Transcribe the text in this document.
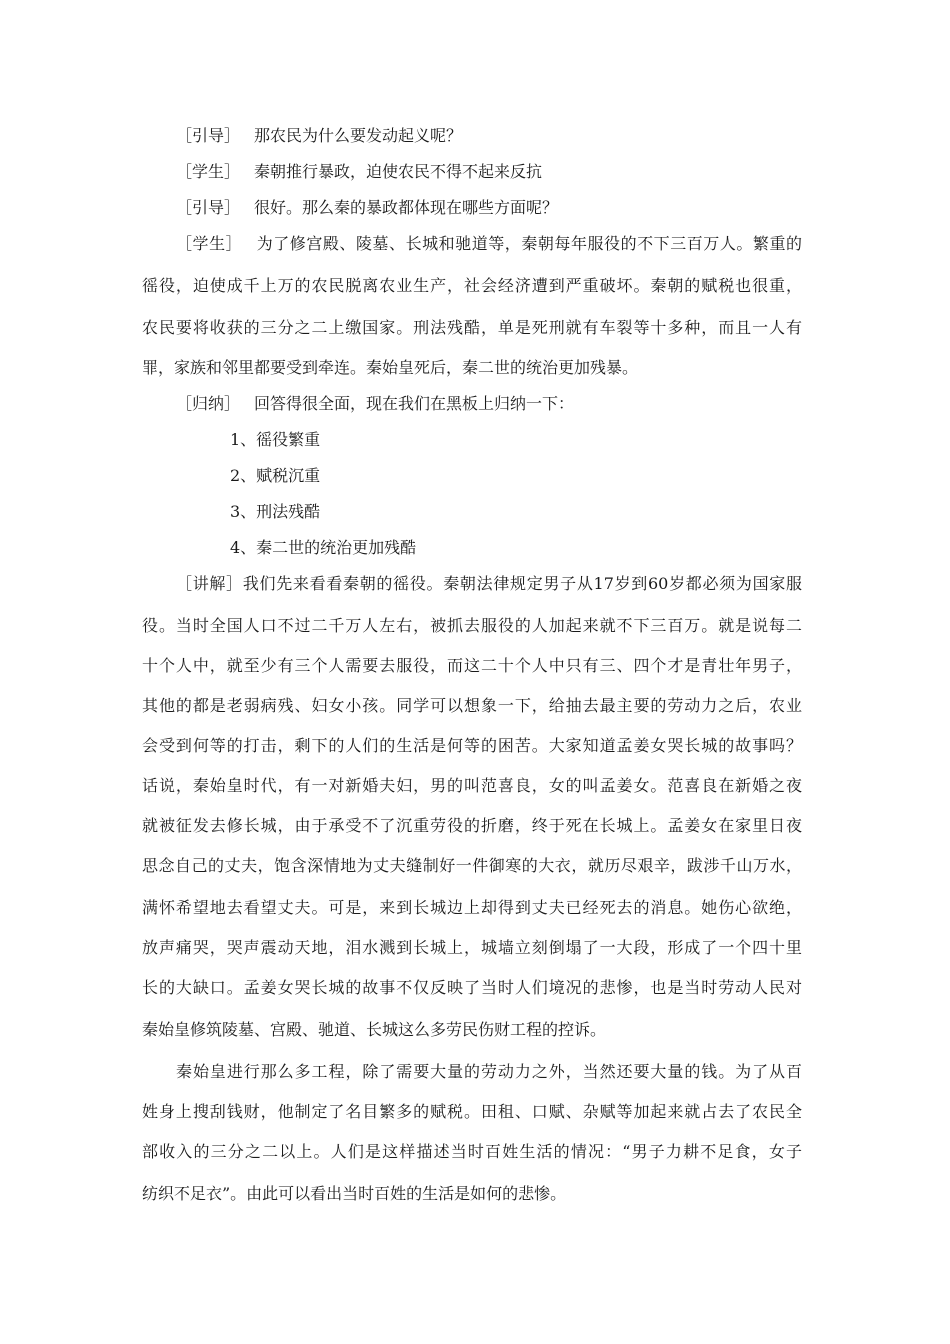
［引导］ 那农民为什么要发动起义呢？
［学生］ 秦朝推行暴政，迫使农民不得不起来反抗
［引导］ 很好。那么秦的暴政都体现在哪些方面呢？
［学生］ 为了修宫殿、陵墓、长城和驰道等，秦朝每年服役的不下三百万人。繁重的
徭役，迫使成千上万的农民脱离农业生产，社会经济遭到严重破坏。秦朝的赋税也很重，
农民要将收获的三分之二上缴国家。刑法残酷，单是死刑就有车裂等十多种，而且一人有
罪，家族和邻里都要受到牵连。秦始皇死后，秦二世的统治更加残暴。
［归纳］ 回答得很全面，现在我们在黑板上归纳一下：
1、徭役繁重
2、赋税沉重
3、刑法残酷
4、秦二世的统治更加残酷
［讲解］我们先来看看秦朝的徭役。秦朝法律规定男子从17岁到60岁都必须为国家服
役。当时全国人口不过二千万人左右，被抓去服役的人加起来就不下三百万。就是说每二
十个人中，就至少有三个人需要去服役，而这二十个人中只有三、四个才是青壮年男子，
其他的都是老弱病残、妇女小孩。同学可以想象一下，给抽去最主要的劳动力之后，农业
会受到何等的打击，剩下的人们的生活是何等的困苦。大家知道孟姜女哭长城的故事吗？
话说，秦始皇时代，有一对新婚夫妇，男的叫范喜良，女的叫孟姜女。范喜良在新婚之夜
就被征发去修长城，由于承受不了沉重劳役的折磨，终于死在长城上。孟姜女在家里日夜
思念自己的丈夫，饱含深情地为丈夫缝制好一件御寒的大衣，就历尽艰辛，跋涉千山万水，
满怀希望地去看望丈夫。可是，来到长城边上却得到丈夫已经死去的消息。她伤心欲绝，
放声痛哭，哭声震动天地，泪水溅到长城上，城墙立刻倒塌了一大段，形成了一个四十里
长的大缺口。孟姜女哭长城的故事不仅反映了当时人们境况的悲惨，也是当时劳动人民对
秦始皇修筑陵墓、宫殿、驰道、长城这么多劳民伤财工程的控诉。
秦始皇进行那么多工程，除了需要大量的劳动力之外，当然还要大量的钱。为了从百
姓身上搜刮钱财，他制定了名目繁多的赋税。田租、口赋、杂赋等加起来就占去了农民全
部收入的三分之二以上。人们是这样描述当时百姓生活的情况：“男子力耕不足食，女子
纺织不足衣”。由此可以看出当时百姓的生活是如何的悲惨。
